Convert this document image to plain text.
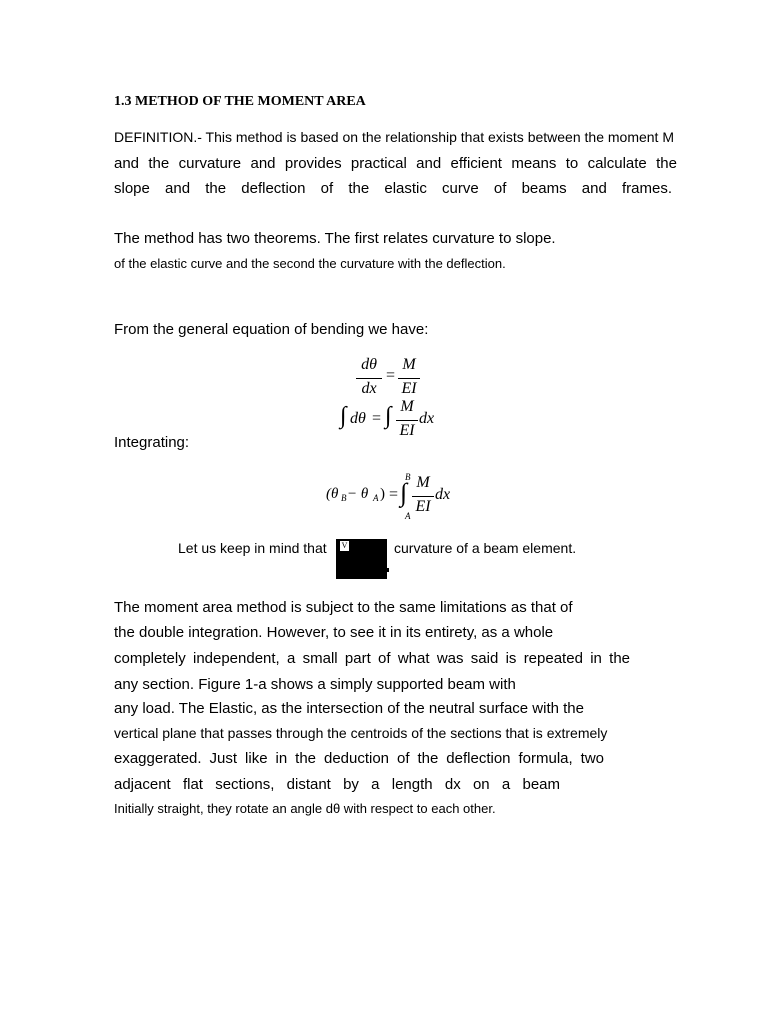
1.3 METHOD OF THE MOMENT AREA
DEFINITION.- This method is based on the relationship that exists between the moment M
and the curvature and provides practical and efficient means to calculate the
slope and the deflection of the elastic curve of beams and frames.
The method has two theorems. The first relates curvature to slope.
of the elastic curve and the second the curvature with the deflection.
From the general equation of bending we have:
dθ
dx
=
M
EI
∫ dθ = ∫ M
EI
dx
Integrating:
(θ B − θ A ) =
B
∫
A
M
EI
dx
Let us keep in mind that V	curvature of a beam element.
The moment area method is subject to the same limitations as that of
the double integration. However, to see it in its entirety, as a whole
completely independent, a small part of what was said is repeated in the
any section. Figure 1-a shows a simply supported beam with
any load. The Elastic, as the intersection of the neutral surface with the
vertical plane that passes through the centroids of the sections that is extremely
exaggerated. Just like in the deduction of the deflection formula, two
adjacent flat sections, distant by a length dx on a beam
Initially straight, they rotate an angle dθ with respect to each other.
